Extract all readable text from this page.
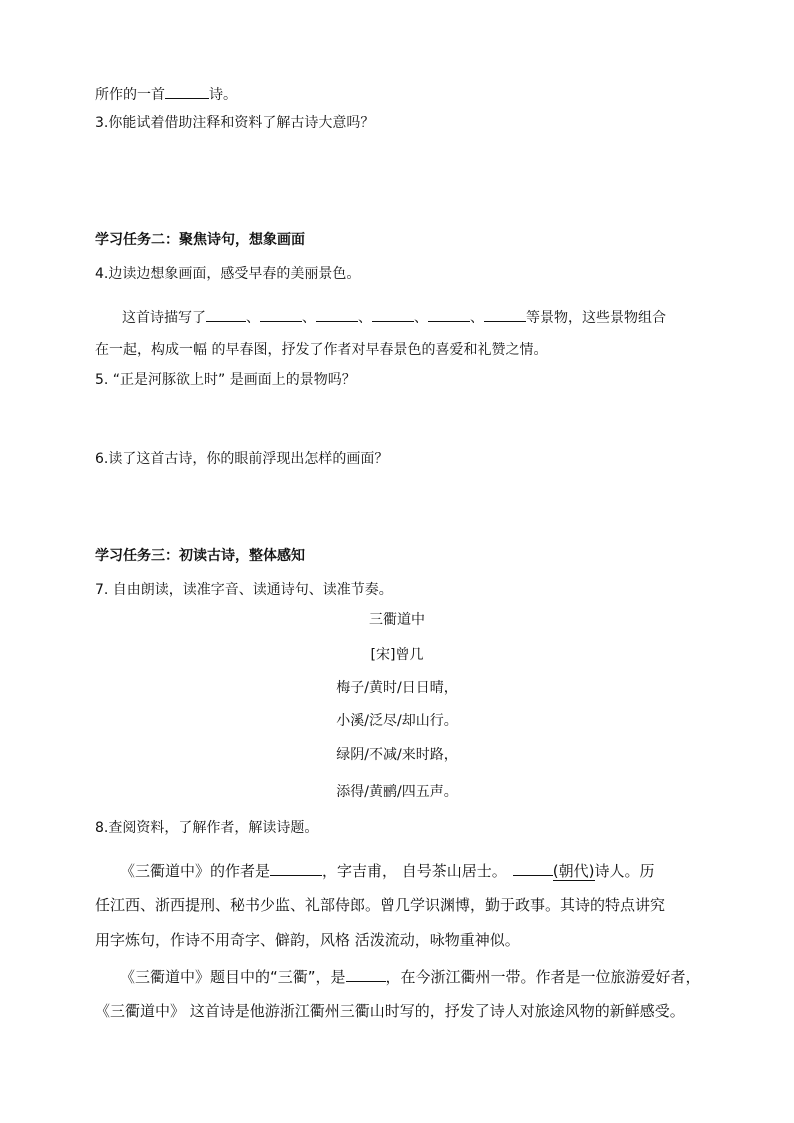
所作的一首	诗。
3.你能试着借助注释和资料了解古诗大意吗？
学习任务二：聚焦诗句，想象画面
4.边读边想象画面，感受早春的美丽景色。
这首诗描写了	、	、	、	、	、	等景物，这些景物组合
在一起，构成一幅 的早春图，抒发了作者对早春景色的喜爱和礼赞之情。
5. “正是河豚欲上时” 是画面上的景物吗？
6.读了这首古诗，你的眼前浮现出怎样的画面？
学习任务三：初读古诗，整体感知
7. 自由朗读，读准字音、读通诗句、读准节奏。
三衢道中
[宋]曾几
梅子/黄时/日日晴，
小溪/泛尽/却山行。
绿阴/不减/来时路，
添得/黄鹂/四五声。
8.查阅资料，了解作者，解读诗题。
《三衢道中》的作者是	，字吉甫， 自号茶山居士。	(朝代)诗人。历
任江西、浙西提刑、秘书少监、礼部侍郎。曾几学识渊博，勤于政事。其诗的特点讲究
用字炼句，作诗不用奇字、僻韵，风格 活泼流动，咏物重神似。
《三衢道中》题目中的“三衢”，是	，在今浙江衢州一带。作者是一位旅游爱好者，
《三衢道中》 这首诗是他游浙江衢州三衢山时写的，抒发了诗人对旅途风物的新鲜感受。
